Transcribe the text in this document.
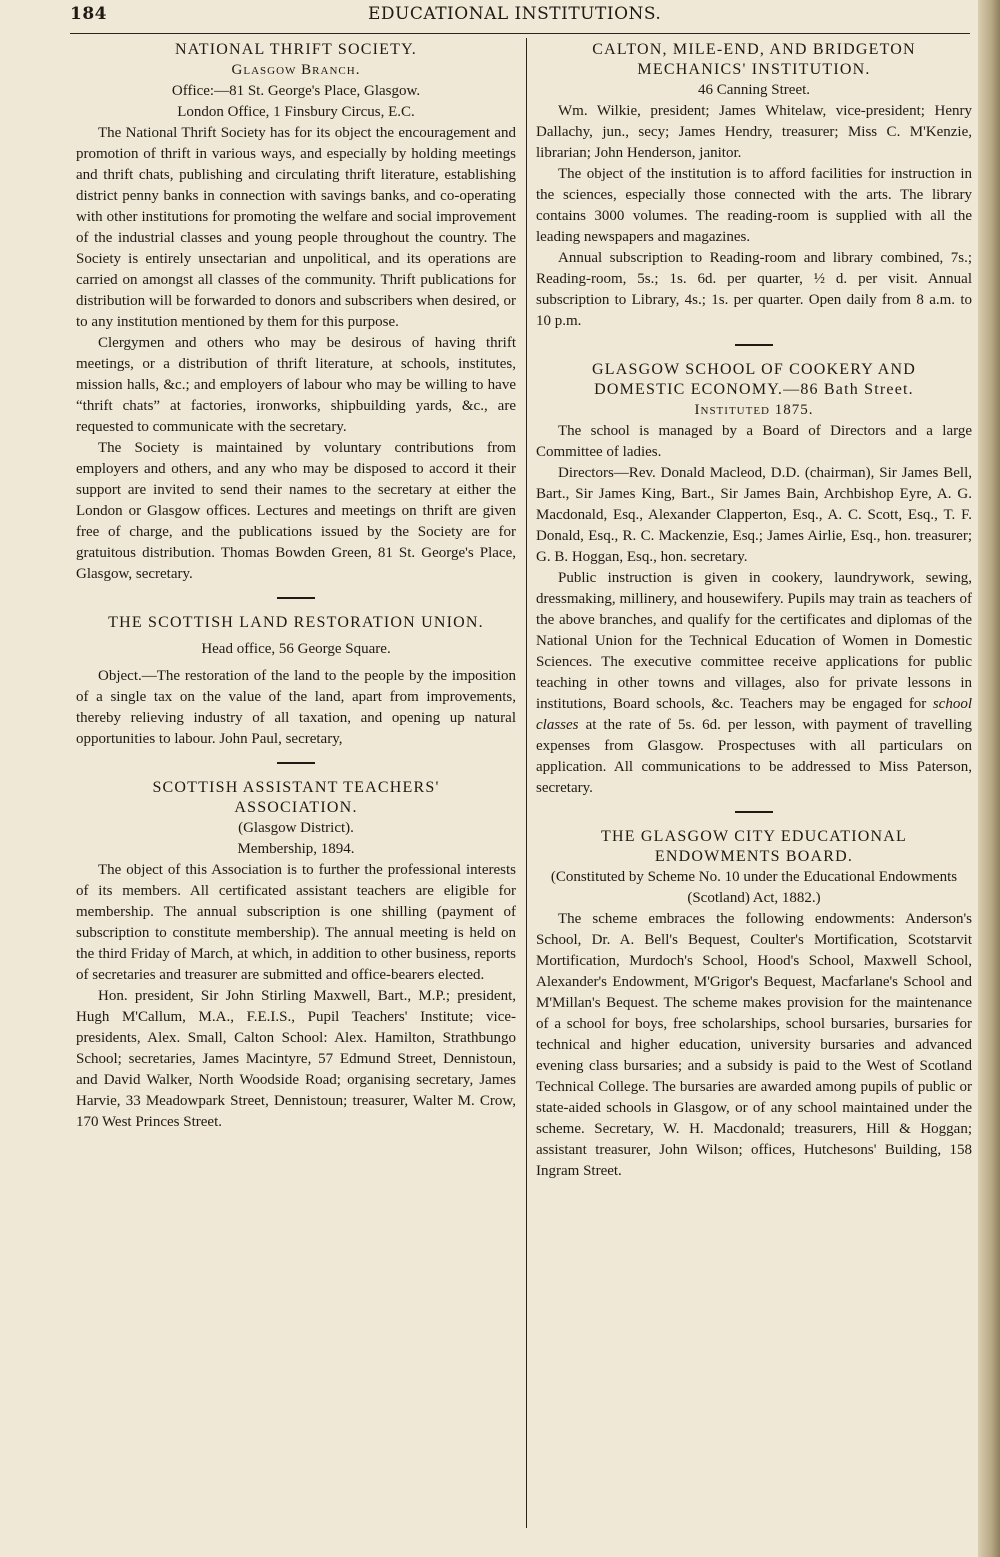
184	EDUCATIONAL INSTITUTIONS.

NATIONAL THRIFT SOCIETY.

Glasgow Branch.

Office:—81 St. George's Place, Glasgow.

London Office, 1 Finsbury Circus, E.C.

The National Thrift Society has for its object the encouragement and promotion of thrift in various ways, and especially by holding meetings and thrift chats, publishing and circulating thrift literature, establishing district penny banks in connection with savings banks, and co-operating with other institutions for promoting the welfare and social improvement of the industrial classes and young people throughout the country. The Society is entirely unsectarian and unpolitical, and its operations are carried on amongst all classes of the community. Thrift publications for distribution will be forwarded to donors and subscribers when desired, or to any institution mentioned by them for this purpose.

Clergymen and others who may be desirous of having thrift meetings, or a distribution of thrift literature, at schools, institutes, mission halls, &c.; and employers of labour who may be willing to have “thrift chats” at factories, ironworks, shipbuilding yards, &c., are requested to communicate with the secretary.

The Society is maintained by voluntary contributions from employers and others, and any who may be disposed to accord it their support are invited to send their names to the secretary at either the London or Glasgow offices. Lectures and meetings on thrift are given free of charge, and the publications issued by the Society are for gratuitous distribution. Thomas Bowden Green, 81 St. George's Place, Glasgow, secretary.

THE SCOTTISH LAND RESTORATION UNION.

Head office, 56 George Square.

Object.—The restoration of the land to the people by the imposition of a single tax on the value of the land, apart from improvements, thereby relieving industry of all taxation, and opening up natural opportunities to labour. John Paul, secretary,

SCOTTISH ASSISTANT TEACHERS' ASSOCIATION.

(Glasgow District).

Membership, 1894.

The object of this Association is to further the professional interests of its members. All certificated assistant teachers are eligible for membership. The annual subscription is one shilling (payment of subscription to constitute membership). The annual meeting is held on the third Friday of March, at which, in addition to other business, reports of secretaries and treasurer are submitted and office-bearers elected.

Hon. president, Sir John Stirling Maxwell, Bart., M.P.; president, Hugh M'Callum, M.A., F.E.I.S., Pupil Teachers' Institute; vice-presidents, Alex. Small, Calton School: Alex. Hamilton, Strathbungo School; secretaries, James Macintyre, 57 Edmund Street, Dennistoun, and David Walker, North Woodside Road; organising secretary, James Harvie, 33 Meadowpark Street, Dennistoun; treasurer, Walter M. Crow, 170 West Princes Street.

CALTON, MILE-END, AND BRIDGETON MECHANICS' INSTITUTION.

46 Canning Street.

Wm. Wilkie, president; James Whitelaw, vice-president; Henry Dallachy, jun., secy; James Hendry, treasurer; Miss C. M'Kenzie, librarian; John Henderson, janitor.

The object of the institution is to afford facilities for instruction in the sciences, especially those connected with the arts. The library contains 3000 volumes. The reading-room is supplied with all the leading newspapers and magazines.

Annual subscription to Reading-room and library combined, 7s.; Reading-room, 5s.; 1s. 6d. per quarter, ½ d. per visit. Annual subscription to Library, 4s.; 1s. per quarter. Open daily from 8 a.m. to 10 p.m.

GLASGOW SCHOOL OF COOKERY AND DOMESTIC ECONOMY.—86 Bath Street.

Instituted 1875.

The school is managed by a Board of Directors and a large Committee of ladies.

Directors—Rev. Donald Macleod, D.D. (chairman), Sir James Bell, Bart., Sir James King, Bart., Sir James Bain, Archbishop Eyre, A. G. Macdonald, Esq., Alexander Clapperton, Esq., A. C. Scott, Esq., T. F. Donald, Esq., R. C. Mackenzie, Esq.; James Airlie, Esq., hon. treasurer; G. B. Hoggan, Esq., hon. secretary.

Public instruction is given in cookery, laundrywork, sewing, dressmaking, millinery, and housewifery. Pupils may train as teachers of the above branches, and qualify for the certificates and diplomas of the National Union for the Technical Education of Women in Domestic Sciences. The executive committee receive applications for public teaching in other towns and villages, also for private lessons in institutions, Board schools, &c. Teachers may be engaged for school classes at the rate of 5s. 6d. per lesson, with payment of travelling expenses from Glasgow. Prospectuses with all particulars on application. All communications to be addressed to Miss Paterson, secretary.

THE GLASGOW CITY EDUCATIONAL ENDOWMENTS BOARD.

(Constituted by Scheme No. 10 under the Educational Endowments (Scotland) Act, 1882.)

The scheme embraces the following endowments: Anderson's School, Dr. A. Bell's Bequest, Coulter's Mortification, Scotstarvit Mortification, Murdoch's School, Hood's School, Maxwell School, Alexander's Endowment, M'Grigor's Bequest, Macfarlane's School and M'Millan's Bequest. The scheme makes provision for the maintenance of a school for boys, free scholarships, school bursaries, bursaries for technical and higher education, university bursaries and advanced evening class bursaries; and a subsidy is paid to the West of Scotland Technical College. The bursaries are awarded among pupils of public or state-aided schools in Glasgow, or of any school maintained under the scheme. Secretary, W. H. Macdonald; treasurers, Hill & Hoggan; assistant treasurer, John Wilson; offices, Hutchesons' Building, 158 Ingram Street.
